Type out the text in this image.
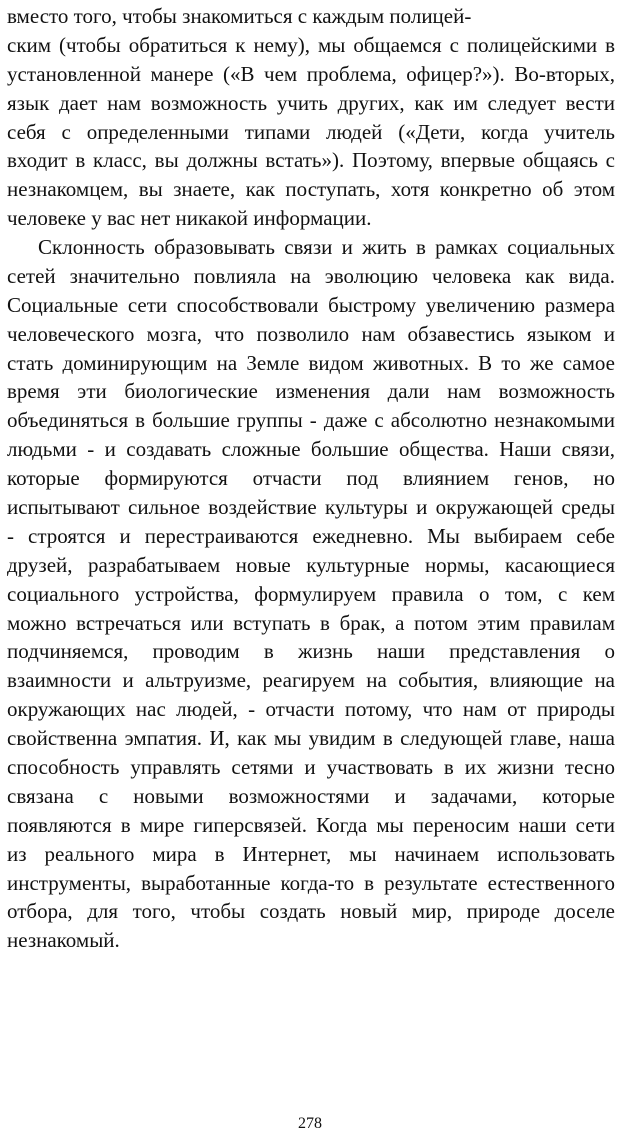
вместо того, чтобы знакомиться с каждым полицей-
ским (чтобы обратиться к нему), мы общаемся с полицейскими в
установленной манере («В чем проблема, офицер?»). Во-вторых,
язык дает нам возможность учить других, как им следует вести
себя с определенными типами людей («Дети, когда учитель
входит в класс, вы должны встать»). Поэтому, впервые общаясь с
незнакомцем, вы знаете, как поступать, хотя конкретно об этом
человеке у вас нет никакой информации.
Склонность образовывать связи и жить в рамках социальных
сетей значительно повлияла на эволюцию человека как вида.
Социальные сети способствовали быстрому увеличению размера
человеческого мозга, что позволило нам обзавестись языком и
стать доминирующим на Земле видом животных. В то же самое
время эти биологические изменения дали нам возможность
объединяться в большие группы - даже с абсолютно незнакомыми
людьми - и создавать сложные большие общества. Наши связи,
которые формируются отчасти под влиянием генов, но
испытывают сильное воздействие культуры и окружающей среды
- строятся и перестраиваются ежедневно. Мы выбираем себе
друзей, разрабатываем новые культурные нормы, касающиеся
социального устройства, формулируем правила о том, с кем
можно встречаться или вступать в брак, а потом этим правилам
подчиняемся, проводим в жизнь наши представления о
взаимности и альтруизме, реагируем на события, влияющие на
окружающих нас людей, - отчасти потому, что нам от природы
свойственна эмпатия. И, как мы увидим в следующей главе, наша
способность управлять сетями и участвовать в их жизни тесно
связана с новыми возможностями и задачами, которые
появляются в мире гиперсвязей. Когда мы переносим наши сети
из реального мира в Интернет, мы начинаем использовать
инструменты, выработанные когда-то в результате естественного
отбора, для того, чтобы создать новый мир, природе доселе
незнакомый.
278
